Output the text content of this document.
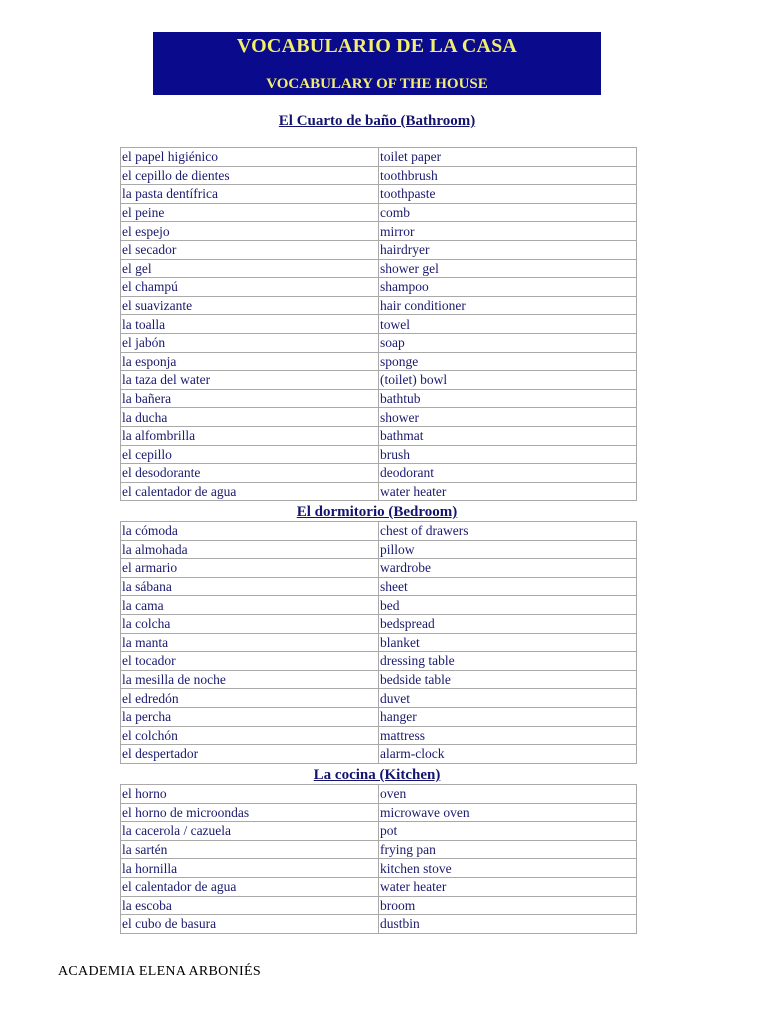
VOCABULARIO DE LA CASA
VOCABULARY OF THE HOUSE
El Cuarto de baño (Bathroom)
el papel higiénico	toilet paper
el cepillo de dientes	toothbrush
la pasta dentífrica	toothpaste
el peine	comb
el espejo	mirror
el secador	hairdryer
el gel	shower gel
el champú	shampoo
el suavizante	hair conditioner
la toalla	towel
el jabón	soap
la esponja	sponge
la taza del water	(toilet) bowl
la bañera	bathtub
la ducha	shower
la alfombrilla	bathmat
el cepillo	brush
el desodorante	deodorant
el calentador de agua	water heater
El dormitorio (Bedroom)
la cómoda	chest of drawers
la almohada	pillow
el armario	wardrobe
la sábana	sheet
la cama	bed
la colcha	bedspread
la manta	blanket
el tocador	dressing table
la mesilla de noche	bedside table
el edredón	duvet
la percha	hanger
el colchón	mattress
el despertador	alarm-clock
La cocina (Kitchen)
el horno	oven
el horno de microondas	microwave oven
la cacerola / cazuela	pot
la sartén	frying pan
la hornilla	kitchen stove
el calentador de agua	water heater
la escoba	broom
el cubo de basura	dustbin
ACADEMIA ELENA ARBONIÉS
